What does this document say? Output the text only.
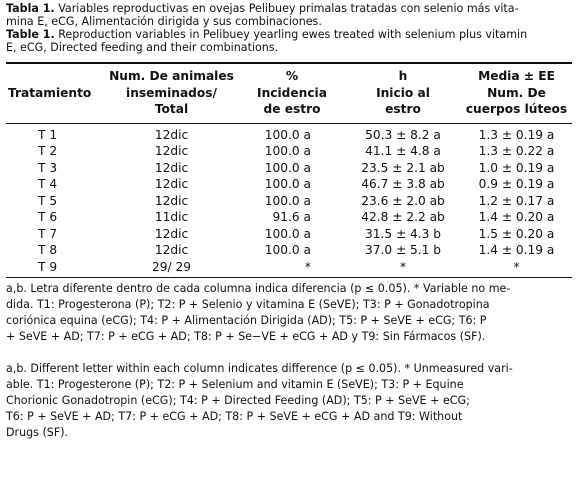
Tabla 1. Variables reproductivas en ovejas Pelibuey primalas tratadas con selenio más vita-

mina E, eCG, Alimentación dirigida y sus combinaciones.

Table 1. Reproduction variables in Pelibuey yearling ewes treated with selenium plus vitamin

E, eCG, Directed feeding and their combinations.

Tratamiento

Num. De animales
inseminados/
Total

%
Incidencia
de estro

h
Inicio al
estro

Media ± EE
Num. De
cuerpos lúteos
T 1	12dic	100.0 a	50.3 ± 8.2 a	1.3 ± 0.19 a
T 2	12dic	100.0 a	41.1 ± 4.8 a	1.3 ± 0.22 a
T 3	12dic	100.0 a	23.5 ± 2.1 ab	1.0 ± 0.19 a
T 4	12dic	100.0 a	46.7 ± 3.8 ab	0.9 ± 0.19 a
T 5	12dic	100.0 a	23.6 ± 2.0 ab	1.2 ± 0.17 a
T 6	11dic	91.6 a	42.8 ± 2.2 ab	1.4 ± 0.20 a
T 7	12dic	100.0 a	31.5 ± 4.3 b	1.5 ± 0.20 a
T 8	12dic	100.0 a	37.0 ± 5.1 b	1.4 ± 0.19 a
T 9	29/ 29	*	*	*

a,b. Letra diferente dentro de cada columna indica diferencia (p ≤ 0.05). * Variable no me-

dida. T1: Progesterona (P); T2: P + Selenio y vitamina E (SeVE); T3: P + Gonadotropina

coriónica equina (eCG); T4: P + Alimentación Dirigida (AD); T5: P + SeVE + eCG; T6: P

+ SeVE + AD; T7: P + eCG + AD; T8: P + Se−VE + eCG + AD y T9: Sin Fármacos (SF).

a,b. Different letter within each column indicates difference (p ≤ 0.05). * Unmeasured vari-

able. T1: Progesterone (P); T2: P + Selenium and vitamin E (SeVE); T3: P + Equine

Chorionic Gonadotropin (eCG); T4: P + Directed Feeding (AD); T5: P + SeVE + eCG;

T6: P + SeVE + AD; T7: P + eCG + AD; T8: P + SeVE + eCG + AD and T9: Without

Drugs (SF).
